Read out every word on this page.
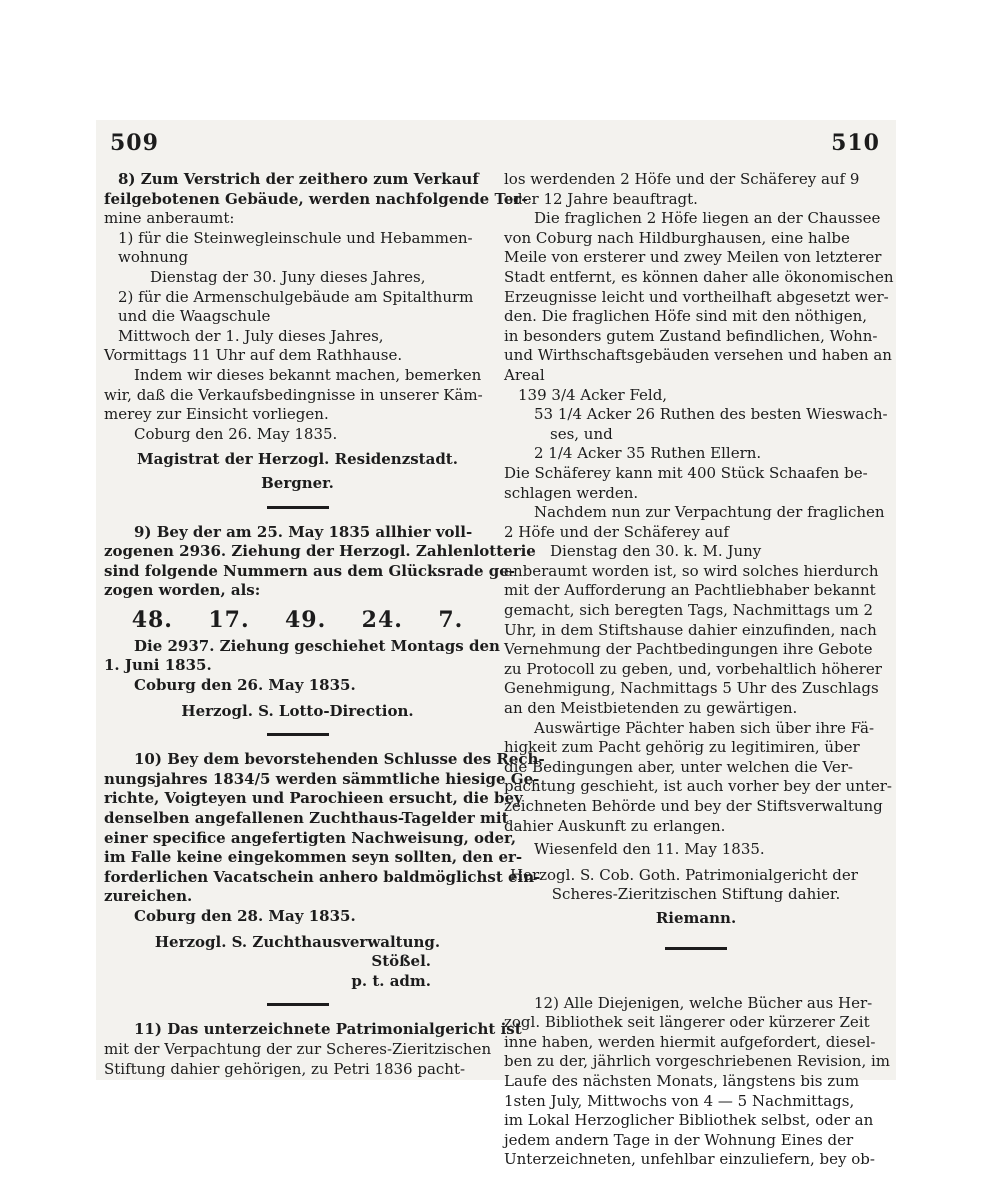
509	510
8) Zum Verstrich der zeithero zum Verkauf
feilgebotenen Gebäude, werden nachfolgende Ter-
mine anberaumt:
1) für die Steinwegleinschule und Hebammen-
wohnung
Dienstag der 30. Juny dieses Jahres,
2) für die Armenschulgebäude am Spitalthurm
und die Waagschule
Mittwoch der 1. July dieses Jahres,
Vormittags 11 Uhr auf dem Rathhause.
Indem wir dieses bekannt machen, bemerken
wir, daß die Verkaufsbedingnisse in unserer Käm-
merey zur Einsicht vorliegen.
Coburg den 26. May 1835.
Magistrat der Herzogl. Residenzstadt.
Bergner.
9) Bey der am 25. May 1835 allhier voll-
zogenen 2936. Ziehung der Herzogl. Zahlenlotterie
sind folgende Nummern aus dem Glücksrade ge-
zogen worden, als:
48. 17. 49. 24. 7.
Die 2937. Ziehung geschiehet Montags den
1. Juni 1835.
Coburg den 26. May 1835.
Herzogl. S. Lotto-Direction.
10) Bey dem bevorstehenden Schlusse des Rech-
nungsjahres 1834/5 werden sämmtliche hiesige Ge-
richte, Voigteyen und Parochieen ersucht, die bey
denselben angefallenen Zuchthaus-Tagelder mit
einer specifice angefertigten Nachweisung, oder,
im Falle keine eingekommen seyn sollten, den er-
forderlichen Vacatschein anhero baldmöglichst ein-
zureichen.
Coburg den 28. May 1835.
Herzogl. S. Zuchthausverwaltung.
Stößel.
p. t. adm.
11) Das unterzeichnete Patrimonialgericht ist
mit der Verpachtung der zur Scheres-Zieritzischen
Stiftung dahier gehörigen, zu Petri 1836 pacht-
los werdenden 2 Höfe und der Schäferey auf 9
oder 12 Jahre beauftragt.
Die fraglichen 2 Höfe liegen an der Chaussee
von Coburg nach Hildburghausen, eine halbe
Meile von ersterer und zwey Meilen von letzterer
Stadt entfernt, es können daher alle ökonomischen
Erzeugnisse leicht und vortheilhaft abgesetzt wer-
den. Die fraglichen Höfe sind mit den nöthigen,
in besonders gutem Zustand befindlichen, Wohn-
und Wirthschaftsgebäuden versehen und haben an
Areal
139 3/4 Acker Feld,
53 1/4 Acker 26 Ruthen des besten Wieswach-
ses, und
2 1/4 Acker 35 Ruthen Ellern.
Die Schäferey kann mit 400 Stück Schaafen be-
schlagen werden.
Nachdem nun zur Verpachtung der fraglichen
2 Höfe und der Schäferey auf
Dienstag den 30. k. M. Juny
anberaumt worden ist, so wird solches hierdurch
mit der Aufforderung an Pachtliebhaber bekannt
gemacht, sich beregten Tags, Nachmittags um 2
Uhr, in dem Stiftshause dahier einzufinden, nach
Vernehmung der Pachtbedingungen ihre Gebote
zu Protocoll zu geben, und, vorbehaltlich höherer
Genehmigung, Nachmittags 5 Uhr des Zuschlags
an den Meistbietenden zu gewärtigen.
Auswärtige Pächter haben sich über ihre Fä-
higkeit zum Pacht gehörig zu legitimiren, über
die Bedingungen aber, unter welchen die Ver-
pachtung geschieht, ist auch vorher bey der unter-
zeichneten Behörde und bey der Stiftsverwaltung
dahier Auskunft zu erlangen.
Wiesenfeld den 11. May 1835.
Herzogl. S. Cob. Goth. Patrimonialgericht der
Scheres-Zieritzischen Stiftung dahier.
Riemann.
12) Alle Diejenigen, welche Bücher aus Her-
zogl. Bibliothek seit längerer oder kürzerer Zeit
inne haben, werden hiermit aufgefordert, diesel-
ben zu der, jährlich vorgeschriebenen Revision, im
Laufe des nächsten Monats, längstens bis zum
1sten July, Mittwochs von 4 — 5 Nachmittags,
im Lokal Herzoglicher Bibliothek selbst, oder an
jedem andern Tage in der Wohnung Eines der
Unterzeichneten, unfehlbar einzuliefern, bey ob-
